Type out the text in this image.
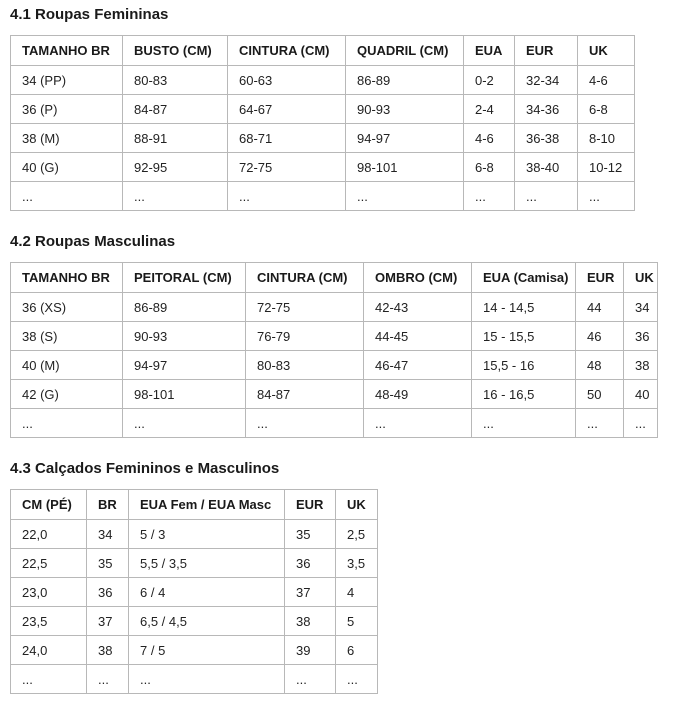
4.1 Roupas Femininas
TAMANHO BR	BUSTO (CM)	CINTURA (CM)	QUADRIL (CM)	EUA	EUR	UK
34 (PP)	80-83	60-63	86-89	0-2	32-34	4-6
36 (P)	84-87	64-67	90-93	2-4	34-36	6-8
38 (M)	88-91	68-71	94-97	4-6	36-38	8-10
40 (G)	92-95	72-75	98-101	6-8	38-40	10-12
...	...	...	...	...	...	...
4.2 Roupas Masculinas
TAMANHO BR	PEITORAL (CM)	CINTURA (CM)	OMBRO (CM)	EUA (Camisa)	EUR	UK
36 (XS)	86-89	72-75	42-43	14 - 14,5	44	34
38 (S)	90-93	76-79	44-45	15 - 15,5	46	36
40 (M)	94-97	80-83	46-47	15,5 - 16	48	38
42 (G)	98-101	84-87	48-49	16 - 16,5	50	40
...	...	...	...	...	...	...
4.3 Calçados Femininos e Masculinos
CM (PÉ)	BR	EUA Fem / EUA Masc	EUR	UK
22,0	34	5 / 3	35	2,5
22,5	35	5,5 / 3,5	36	3,5
23,0	36	6 / 4	37	4
23,5	37	6,5 / 4,5	38	5
24,0	38	7 / 5	39	6
...	...	...	...	...
